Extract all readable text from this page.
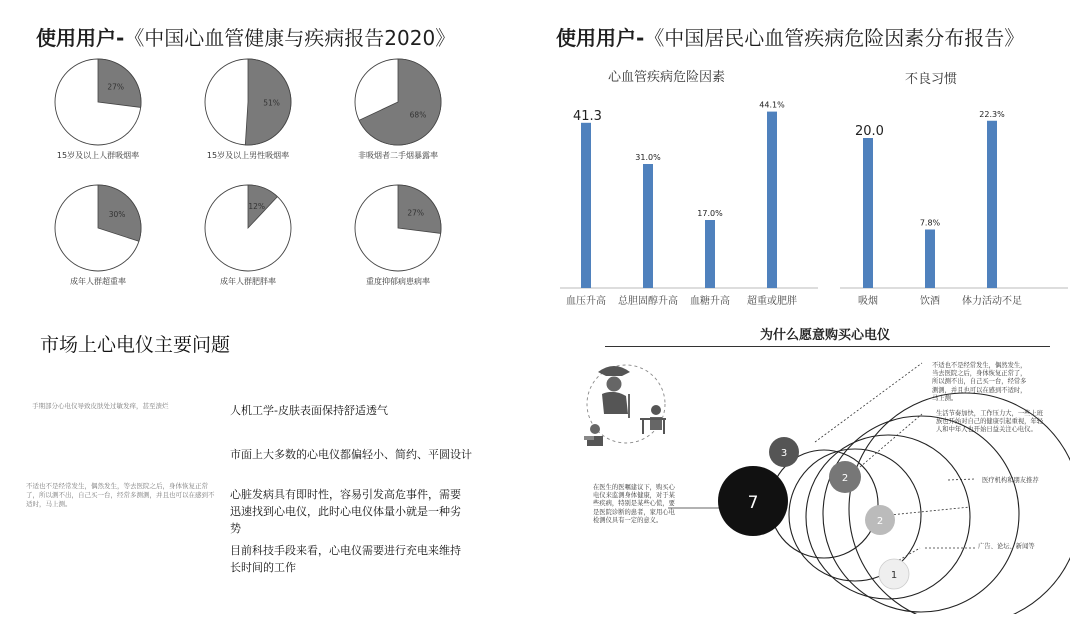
使用用户-《中国心血管健康与疾病报告2020》
27%
15岁及以上人群吸烟率
51%
15岁及以上男性吸烟率
68%
非吸烟者二手烟暴露率
30%
成年人群超重率
12%
成年人群肥胖率
27%
重度抑郁病患病率
使用用户-《中国居民心血管疾病危险因素分布报告》
心血管疾病危险因素	不良习惯
41.3
血压升高
31.0%
总胆固醇升高
17.0%
血糖升高
44.1%
超重或肥胖
20.0
吸烟
7.8%
饮酒
22.3%
体力活动不足
市场上心电仪主要问题
手期部分心电仪导致皮肤处过敏发痒，甚至溃烂
不适也不是经常发生，偶然发生，等去医院之后，身体恢复正常了，所以测不出，自己买一台，经常多测测，并且也可以在感到不适时，马上测。
人机工学-皮肤表面保持舒适透气
市面上大多数的心电仪都偏轻小、简约、平圆设计
心脏发病具有即时性，容易引发高危事件，需要迅速找到心电仪，此时心电仪体量小就是一种劣势
目前科技手段来看，心电仪需要进行充电来维持长时间的工作
为什么愿意购买心电仪
7
3
2
2
1
在医生的医嘱建议下，购买心电仪来监测身体健康，对于某些疾病，特别是某些心慌，要是医院诊断的患者，家用心电检测仪具有一定的意义。
不适也不是经常发生，偶然发生，当去医院之后，身体恢复正常了，所以测不出，自己买一台，经常多测测，并且也可以在感到不适时，马上测。
生活节奏加快，工作压力大，一些上班族也开始对自己的健康引起重视，年轻人和中年人也开始日益关注心电仪。
医疗机构和朋友推荐
广告、论坛、新闻等
